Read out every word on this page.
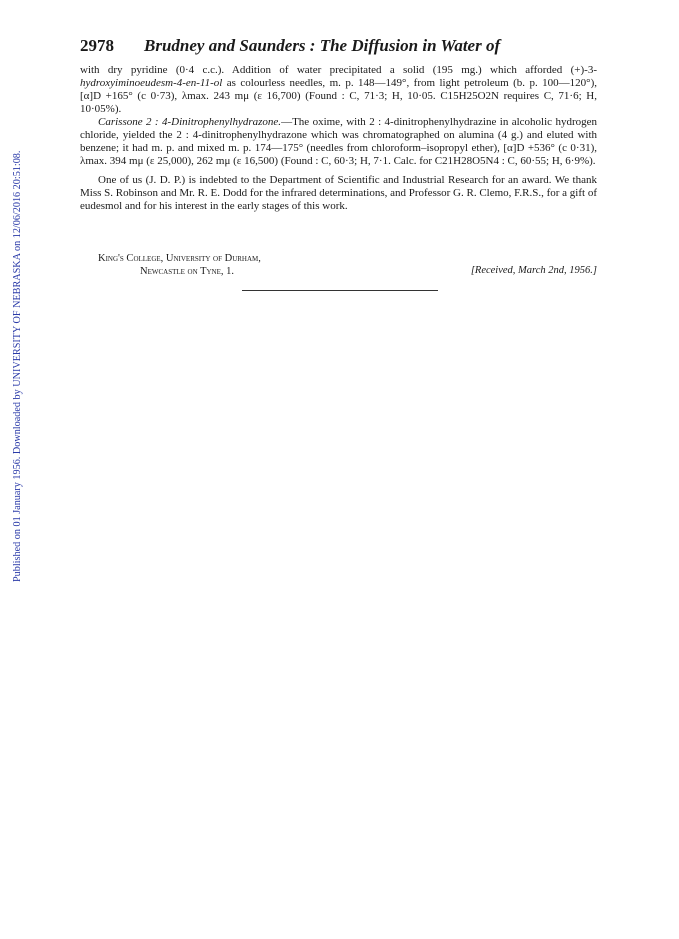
Published on 01 January 1956. Downloaded by UNIVERSITY OF NEBRASKA on 12/06/2016 20:51:08.
2978 Brudney and Saunders : The Diffusion in Water of

with dry pyridine (0·4 c.c.). Addition of water precipitated a solid (195 mg.) which afforded (+)-3-hydroxyiminoeudesm-4-en-11-ol as colourless needles, m. p. 148—149°, from light petroleum (b. p. 100—120°), [α]D +165° (c 0·73), λmax. 243 mμ (ε 16,700) (Found : C, 71·3; H, 10·05. C15H25O2N requires C, 71·6; H, 10·05%).

Carissone 2 : 4-Dinitrophenylhydrazone.—The oxime, with 2 : 4-dinitrophenylhydrazine in alcoholic hydrogen chloride, yielded the 2 : 4-dinitrophenylhydrazone which was chromatographed on alumina (4 g.) and eluted with benzene; it had m. p. and mixed m. p. 174—175° (needles from chloroform–isopropyl ether), [α]D +536° (c 0·31), λmax. 394 mμ (ε 25,000), 262 mμ (ε 16,500) (Found : C, 60·3; H, 7·1. Calc. for C21H28O5N4 : C, 60·55; H, 6·9%).

One of us (J. D. P.) is indebted to the Department of Scientific and Industrial Research for an award. We thank Miss S. Robinson and Mr. R. E. Dodd for the infrared determinations, and Professor G. R. Clemo, F.R.S., for a gift of eudesmol and for his interest in the early stages of this work.

King's College, University of Durham,
Newcastle on Tyne, 1.	[Received, March 2nd, 1956.]
